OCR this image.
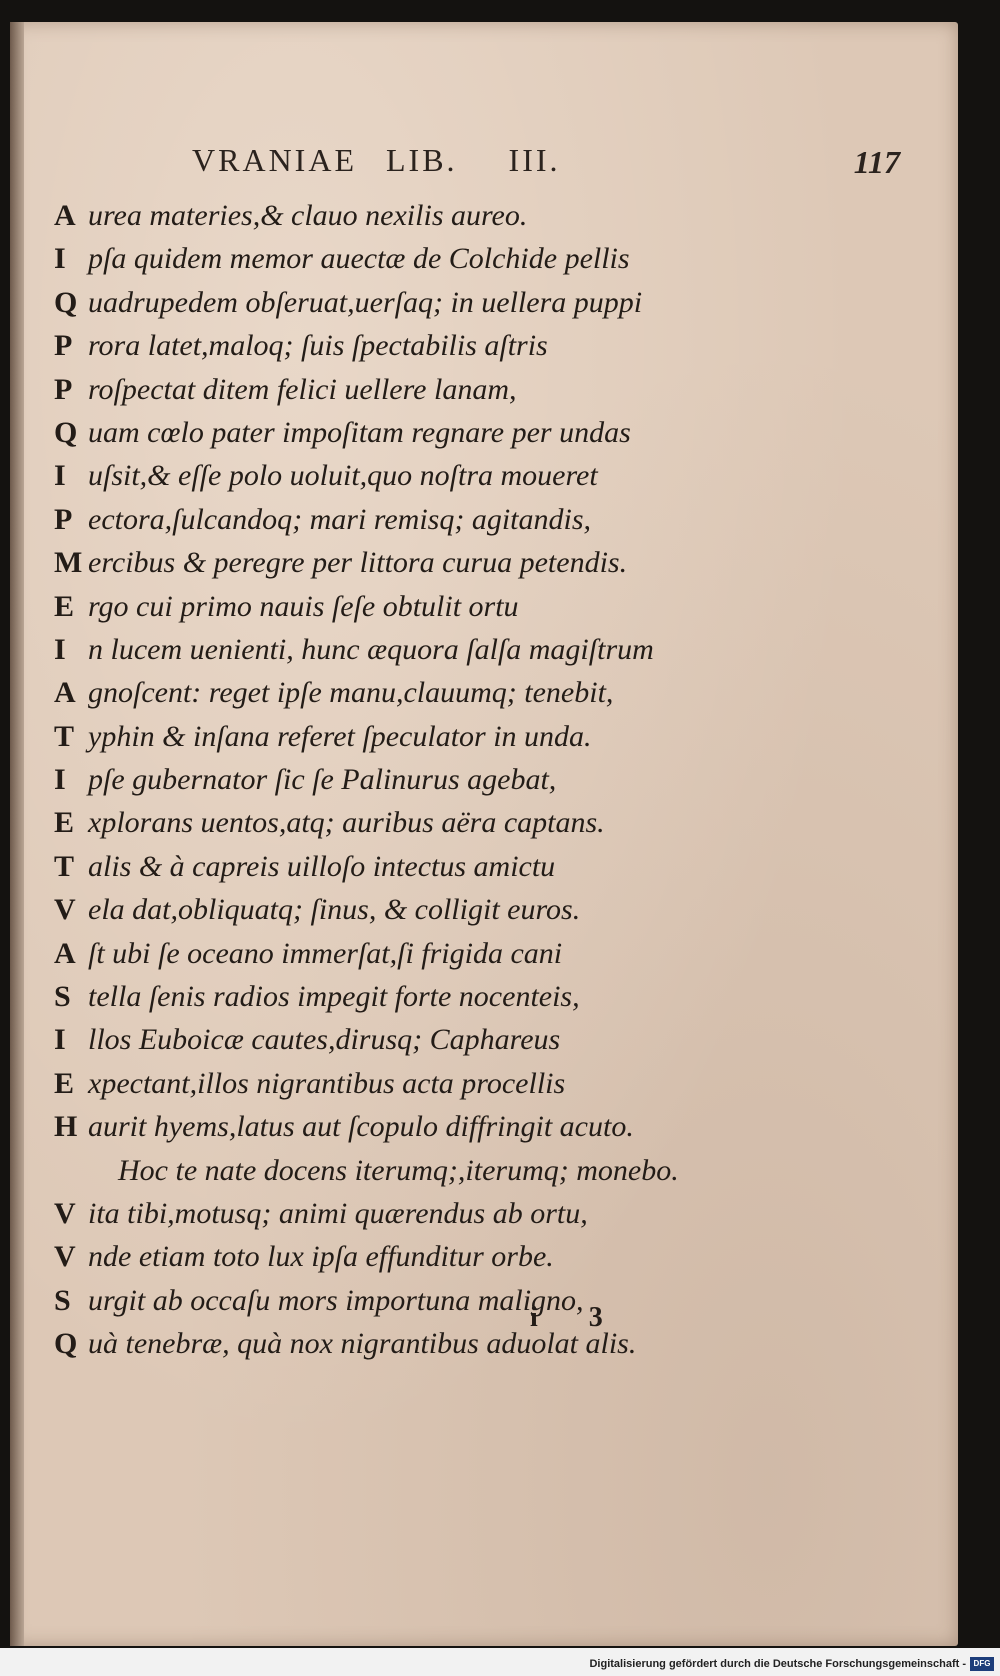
VRANIAE LIB. III.	117
A urea materies,& clauo nexilis aureo.
I pſa quidem memor auectæ de Colchide pellis
Q uadrupedem obſeruat,uerſaq; in uellera puppi
P rora latet,maloq; ſuis ſpectabilis aſtris
P roſpectat ditem felici uellere lanam,
Q uam cœlo pater impoſitam regnare per undas
I uſsit,& eſſe polo uoluit,quo noſtra moueret
P ectora,ſulcandoq; mari remisq; agitandis,
M ercibus & peregre per littora curua petendis.
E rgo cui primo nauis ſeſe obtulit ortu
I n lucem uenienti, hunc æquora ſalſa magiſtrum
A gnoſcent: reget ipſe manu,clauumq; tenebit,
T yphin & inſana referet ſpeculator in unda.
I pſe gubernator ſic ſe Palinurus agebat,
E xplorans uentos,atq; auribus aëra captans.
T alis & à capreis uilloſo intectus amictu
V ela dat,obliquatq; ſinus, & colligit euros.
A ſt ubi ſe oceano immerſat,ſi frigida cani
S tella ſenis radios impegit forte nocenteis,
I llos Euboicæ cautes,dirusq; Caphareus
E xpectant,illos nigrantibus acta procellis
H aurit hyems,latus aut ſcopulo diffringit acuto.
Hoc te nate docens iterumq;,iterumq; monebo.
V ita tibi,motusq; animi quærendus ab ortu,
V nde etiam toto lux ipſa effunditur orbe.
S urgit ab occaſu mors importuna maligno,
Q uà tenebræ, quà nox nigrantibus aduolat alis.
i 3
Digitalisierung gefördert durch die Deutsche Forschungsgemeinschaft - DFG
